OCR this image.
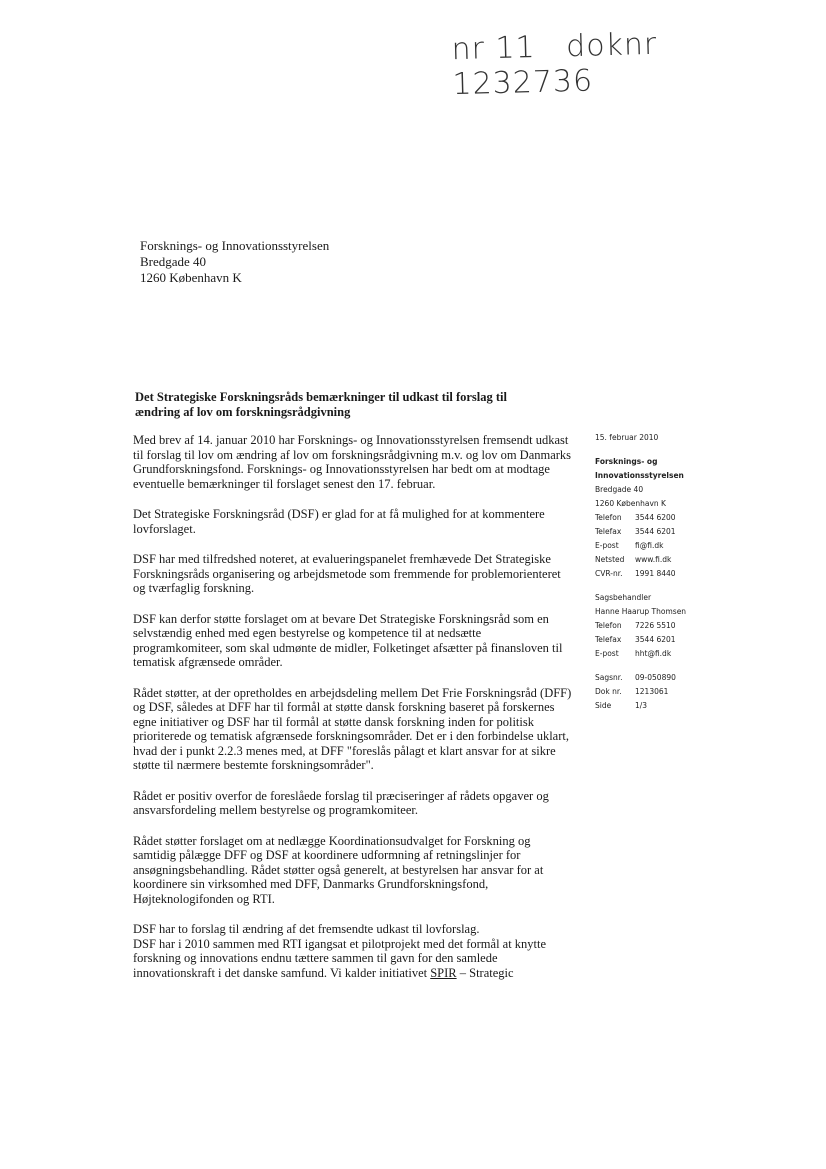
nr 11 doknr 1232736
Forsknings- og Innovationsstyrelsen
Bredgade 40
1260 København K
Det Strategiske Forskningsråds bemærkninger til udkast til forslag til ændring af lov om forskningsrådgivning

Med brev af 14. januar 2010 har Forsknings- og Innovationsstyrelsen fremsendt udkast til forslag til lov om ændring af lov om forskningsrådgivning m.v. og lov om Danmarks Grundforskningsfond. Forsknings- og Innovationsstyrelsen har bedt om at modtage eventuelle bemærkninger til forslaget senest den 17. februar.

Det Strategiske Forskningsråd (DSF) er glad for at få mulighed for at kommentere lovforslaget.

DSF har med tilfredshed noteret, at evalueringspanelet fremhævede Det Strategiske Forskningsråds organisering og arbejdsmetode som fremmende for problemorienteret og tværfaglig forskning.

DSF kan derfor støtte forslaget om at bevare Det Strategiske Forskningsråd som en selvstændig enhed med egen bestyrelse og kompetence til at nedsætte programkomiteer, som skal udmønte de midler, Folketinget afsætter på finansloven til tematisk afgrænsede områder.

Rådet støtter, at der opretholdes en arbejdsdeling mellem Det Frie Forskningsråd (DFF) og DSF, således at DFF har til formål at støtte dansk forskning baseret på forskernes egne initiativer og DSF har til formål at støtte dansk forskning inden for politisk prioriterede og tematisk afgrænsede forskningsområder. Det er i den forbindelse uklart, hvad der i punkt 2.2.3 menes med, at DFF "foreslås pålagt et klart ansvar for at sikre støtte til nærmere bestemte forskningsområder".

Rådet er positiv overfor de foreslåede forslag til præciseringer af rådets opgaver og ansvarsfordeling mellem bestyrelse og programkomiteer.

Rådet støtter forslaget om at nedlægge Koordinationsudvalget for Forskning og samtidig pålægge DFF og DSF at koordinere udformning af retningslinjer for ansøgningsbehandling. Rådet støtter også generelt, at bestyrelsen har ansvar for at koordinere sin virksomhed med DFF, Danmarks Grundforskningsfond, Højteknologifonden og RTI.

DSF har to forslag til ændring af det fremsendte udkast til lovforslag.
DSF har i 2010 sammen med RTI igangsat et pilotprojekt med det formål at knytte forskning og innovations endnu tættere sammen til gavn for den samlede innovationskraft i det danske samfund. Vi kalder initiativet SPIR – Strategic

15. februar 2010
Forsknings- og
Innovationsstyrelsen
Bredgade 40
1260 København K
Telefon	3544 6200
Telefax	3544 6201
E-post	fi@fi.dk
Netsted	www.fi.dk
CVR-nr.	1991 8440
Sagsbehandler
Hanne Haarup Thomsen
Telefon	7226 5510
Telefax	3544 6201
E-post	hht@fi.dk
Sagsnr.	09-050890
Dok nr.	1213061
Side	1/3
